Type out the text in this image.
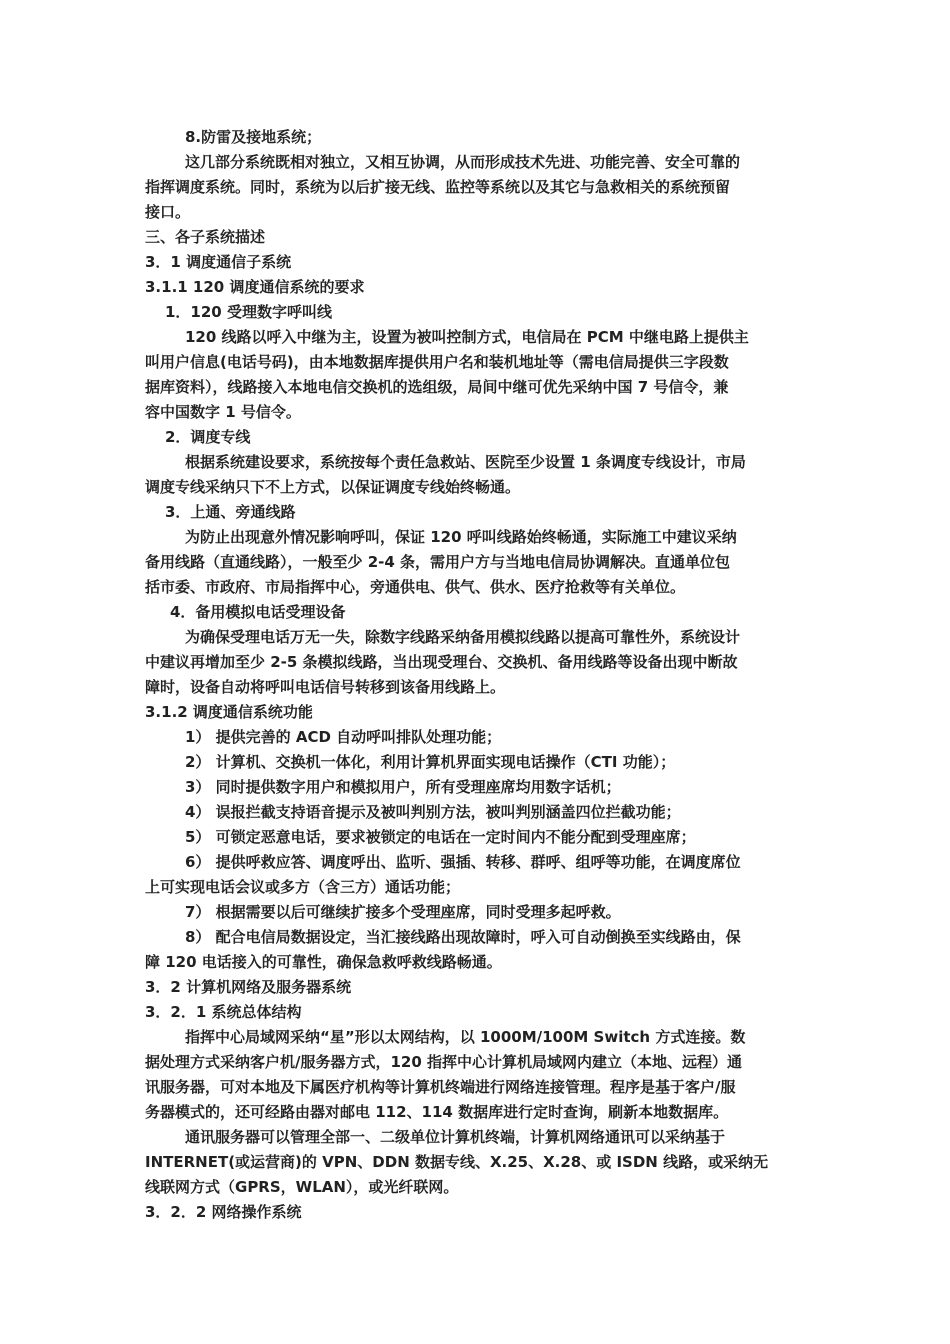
8.防雷及接地系统；
这几部分系统既相对独立，又相互协调，从而形成技术先进、功能完善、安全可靠的
指挥调度系统。同时，系统为以后扩接无线、监控等系统以及其它与急救相关的系统预留
接口。
三、各子系统描述
3．1 调度通信子系统
3.1.1 120 调度通信系统的要求
1．120 受理数字呼叫线
120 线路以呼入中继为主，设置为被叫控制方式，电信局在 PCM 中继电路上提供主
叫用户信息(电话号码)，由本地数据库提供用户名和装机地址等（需电信局提供三字段数
据库资料），线路接入本地电信交换机的选组级，局间中继可优先采纳中国 7 号信令，兼
容中国数字 1 号信令。
2．调度专线
根据系统建设要求，系统按每个责任急救站、医院至少设置 1 条调度专线设计，市局
调度专线采纳只下不上方式，以保证调度专线始终畅通。
3．上通、旁通线路
为防止出现意外情况影响呼叫，保证 120 呼叫线路始终畅通，实际施工中建议采纳
备用线路（直通线路），一般至少 2-4 条，需用户方与当地电信局协调解决。直通单位包
括市委、市政府、市局指挥中心，旁通供电、供气、供水、医疗抢救等有关单位。
4．备用模拟电话受理设备
为确保受理电话万无一失，除数字线路采纳备用模拟线路以提高可靠性外，系统设计
中建议再增加至少 2-5 条模拟线路，当出现受理台、交换机、备用线路等设备出现中断故
障时，设备自动将呼叫电话信号转移到该备用线路上。
3.1.2 调度通信系统功能
1） 提供完善的 ACD 自动呼叫排队处理功能；
2） 计算机、交换机一体化，利用计算机界面实现电话操作（CTI 功能）；
3） 同时提供数字用户和模拟用户，所有受理座席均用数字话机；
4） 误报拦截支持语音提示及被叫判别方法，被叫判别涵盖四位拦截功能；
5） 可锁定恶意电话，要求被锁定的电话在一定时间内不能分配到受理座席；
6） 提供呼救应答、调度呼出、监听、强插、转移、群呼、组呼等功能，在调度席位
上可实现电话会议或多方（含三方）通话功能；
7） 根据需要以后可继续扩接多个受理座席，同时受理多起呼救。
8） 配合电信局数据设定，当汇接线路出现故障时，呼入可自动倒换至实线路由，保
障 120 电话接入的可靠性，确保急救呼救线路畅通。
3．2 计算机网络及服务器系统
3．2．1 系统总体结构
指挥中心局域网采纳“星”形以太网结构，以 1000M/100M Switch 方式连接。数
据处理方式采纳客户机/服务器方式，120 指挥中心计算机局域网内建立（本地、远程）通
讯服务器，可对本地及下属医疗机构等计算机终端进行网络连接管理。程序是基于客户/服
务器模式的，还可经路由器对邮电 112、114 数据库进行定时查询，刷新本地数据库。
通讯服务器可以管理全部一、二级单位计算机终端，计算机网络通讯可以采纳基于
INTERNET(或运营商)的 VPN、DDN 数据专线、X.25、X.28、或 ISDN 线路，或采纳无
线联网方式（GPRS，WLAN），或光纤联网。
3．2．2 网络操作系统
